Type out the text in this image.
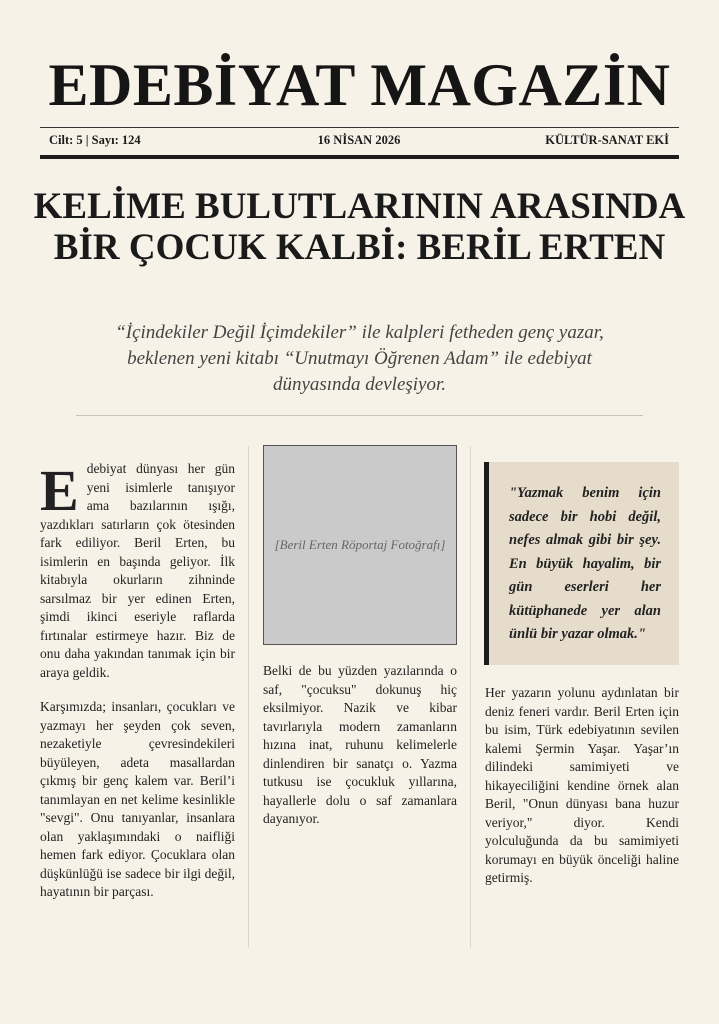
EDEBİYAT MAGAZİN
Cilt: 5 | Sayı: 124	16 NİSAN 2026	KÜLTÜR-SANAT EKİ
KELİME BULUTLARININ ARASINDA BİR ÇOCUK KALBİ: BERİL ERTEN
“İçindekiler Değil İçimdekiler” ile kalpleri fetheden genç yazar, beklenen yeni kitabı “Unutmayı Öğrenen Adam” ile edebiyat dünyasında devleşiyor.

E debiyat dünyası her gün yeni isimlerle tanışıyor ama bazılarının ışığı, yazdıkları satırların çok ötesinden fark ediliyor. Beril Erten, bu isimlerin en başında geliyor. İlk kitabıyla okurların zihninde sarsılmaz bir yer edinen Erten, şimdi ikinci eseriyle raflarda fırtınalar estirmeye hazır. Biz de onu daha yakından tanımak için bir araya geldik.

Karşımızda; insanları, çocukları ve yazmayı her şeyden çok seven, nezaketiyle çevresindekileri büyüleyen, adeta masallardan çıkmış bir genç kalem var. Beril’i tanımlayan en net kelime kesinlikle "sevgi". Onu tanıyanlar, insanlara olan yaklaşımındaki o naifliği hemen fark ediyor. Çocuklara olan düşkünlüğü ise sadece bir ilgi değil, hayatının bir parçası.

[Beril Erten Röportaj Fotoğrafı]

Belki de bu yüzden yazılarında o saf, "çocuksu" dokunuş hiç eksilmiyor. Nazik ve kibar tavırlarıyla modern zamanların hızına inat, ruhunu kelimelerle dinlendiren bir sanatçı o. Yazma tutkusu ise çocukluk yıllarına, hayallerle dolu o saf zamanlara dayanıyor.

"Yazmak benim için sadece bir hobi değil, nefes almak gibi bir şey. En büyük hayalim, bir gün eserleri her kütüphanede yer alan ünlü bir yazar olmak."

Her yazarın yolunu aydınlatan bir deniz feneri vardır. Beril Erten için bu isim, Türk edebiyatının sevilen kalemi Şermin Yaşar. Yaşar’ın dilindeki samimiyeti ve hikayeciliğini kendine örnek alan Beril, "Onun dünyası bana huzur veriyor," diyor. Kendi yolculuğunda da bu samimiyeti korumayı en büyük önceliği haline getirmiş.
